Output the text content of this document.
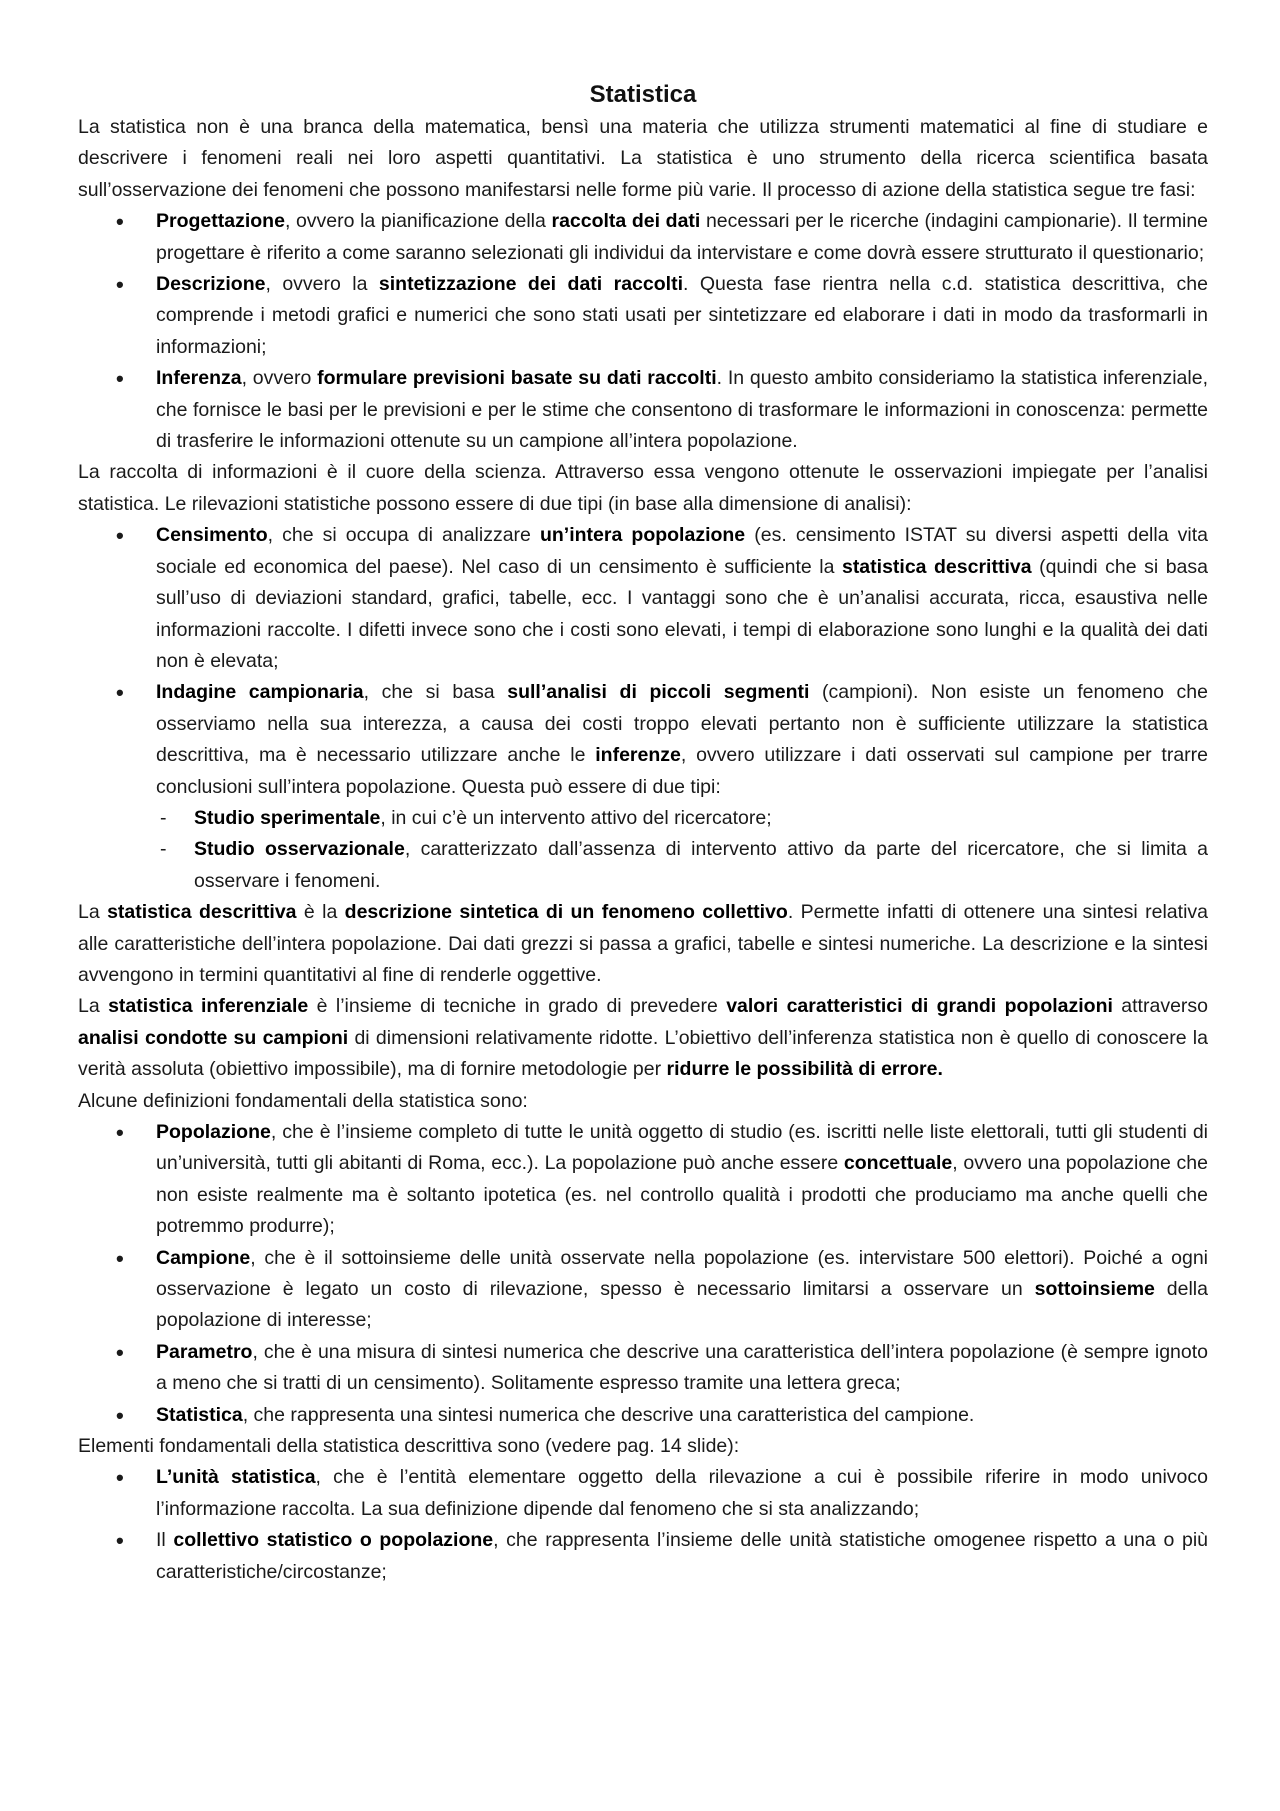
Statistica

La statistica non è una branca della matematica, bensì una materia che utilizza strumenti matematici al fine di studiare e descrivere i fenomeni reali nei loro aspetti quantitativi. La statistica è uno strumento della ricerca scientifica basata sull’osservazione dei fenomeni che possono manifestarsi nelle forme più varie. Il processo di azione della statistica segue tre fasi:

• Progettazione, ovvero la pianificazione della raccolta dei dati necessari per le ricerche (indagini campionarie). Il termine progettare è riferito a come saranno selezionati gli individui da intervistare e come dovrà essere strutturato il questionario;
• Descrizione, ovvero la sintetizzazione dei dati raccolti. Questa fase rientra nella c.d. statistica descrittiva, che comprende i metodi grafici e numerici che sono stati usati per sintetizzare ed elaborare i dati in modo da trasformarli in informazioni;
• Inferenza, ovvero formulare previsioni basate su dati raccolti. In questo ambito consideriamo la statistica inferenziale, che fornisce le basi per le previsioni e per le stime che consentono di trasformare le informazioni in conoscenza: permette di trasferire le informazioni ottenute su un campione all’intera popolazione.

La raccolta di informazioni è il cuore della scienza. Attraverso essa vengono ottenute le osservazioni impiegate per l’analisi statistica. Le rilevazioni statistiche possono essere di due tipi (in base alla dimensione di analisi):

• Censimento, che si occupa di analizzare un’intera popolazione (es. censimento ISTAT su diversi aspetti della vita sociale ed economica del paese). Nel caso di un censimento è sufficiente la statistica descrittiva (quindi che si basa sull’uso di deviazioni standard, grafici, tabelle, ecc. I vantaggi sono che è un’analisi accurata, ricca, esaustiva nelle informazioni raccolte. I difetti invece sono che i costi sono elevati, i tempi di elaborazione sono lunghi e la qualità dei dati non è elevata;
• Indagine campionaria, che si basa sull’analisi di piccoli segmenti (campioni). Non esiste un fenomeno che osserviamo nella sua interezza, a causa dei costi troppo elevati pertanto non è sufficiente utilizzare la statistica descrittiva, ma è necessario utilizzare anche le inferenze, ovvero utilizzare i dati osservati sul campione per trarre conclusioni sull’intera popolazione. Questa può essere di due tipi:
- Studio sperimentale, in cui c’è un intervento attivo del ricercatore;
- Studio osservazionale, caratterizzato dall’assenza di intervento attivo da parte del ricercatore, che si limita a osservare i fenomeni.

La statistica descrittiva è la descrizione sintetica di un fenomeno collettivo. Permette infatti di ottenere una sintesi relativa alle caratteristiche dell’intera popolazione. Dai dati grezzi si passa a grafici, tabelle e sintesi numeriche. La descrizione e la sintesi avvengono in termini quantitativi al fine di renderle oggettive.

La statistica inferenziale è l’insieme di tecniche in grado di prevedere valori caratteristici di grandi popolazioni attraverso analisi condotte su campioni di dimensioni relativamente ridotte. L’obiettivo dell’inferenza statistica non è quello di conoscere la verità assoluta (obiettivo impossibile), ma di fornire metodologie per ridurre le possibilità di errore.

Alcune definizioni fondamentali della statistica sono:

• Popolazione, che è l’insieme completo di tutte le unità oggetto di studio (es. iscritti nelle liste elettorali, tutti gli studenti di un’università, tutti gli abitanti di Roma, ecc.). La popolazione può anche essere concettuale, ovvero una popolazione che non esiste realmente ma è soltanto ipotetica (es. nel controllo qualità i prodotti che produciamo ma anche quelli che potremmo produrre);
• Campione, che è il sottoinsieme delle unità osservate nella popolazione (es. intervistare 500 elettori). Poiché a ogni osservazione è legato un costo di rilevazione, spesso è necessario limitarsi a osservare un sottoinsieme della popolazione di interesse;
• Parametro, che è una misura di sintesi numerica che descrive una caratteristica dell’intera popolazione (è sempre ignoto a meno che si tratti di un censimento). Solitamente espresso tramite una lettera greca;
• Statistica, che rappresenta una sintesi numerica che descrive una caratteristica del campione.

Elementi fondamentali della statistica descrittiva sono (vedere pag. 14 slide):

• L’unità statistica, che è l’entità elementare oggetto della rilevazione a cui è possibile riferire in modo univoco l’informazione raccolta. La sua definizione dipende dal fenomeno che si sta analizzando;
• Il collettivo statistico o popolazione, che rappresenta l’insieme delle unità statistiche omogenee rispetto a una o più caratteristiche/circostanze;
